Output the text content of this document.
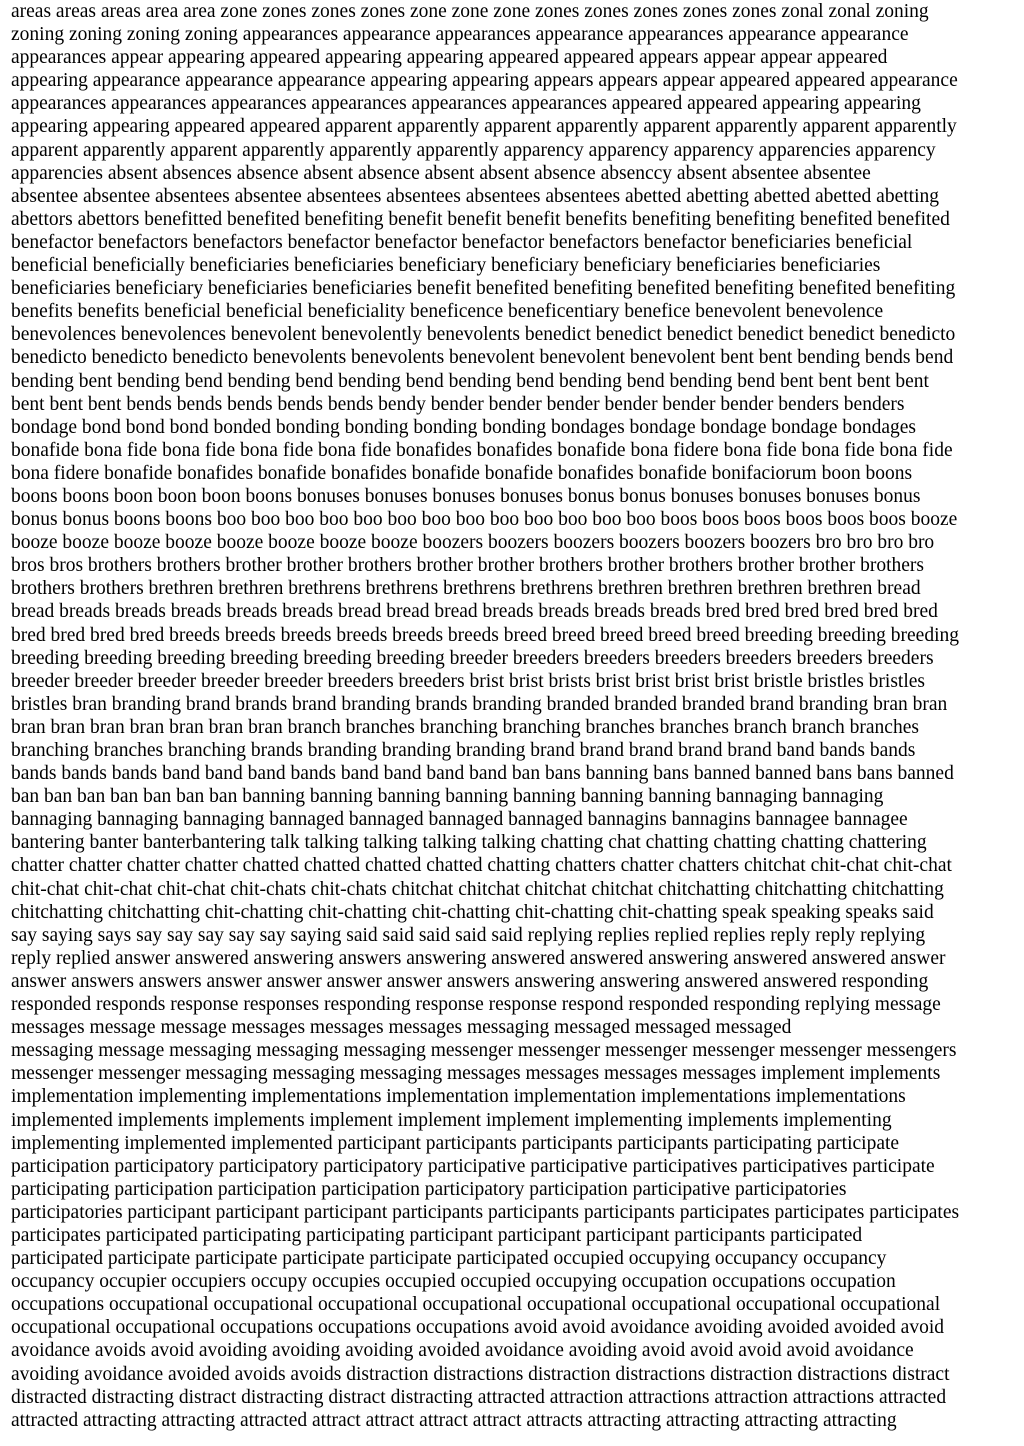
areas areas areas area area zone zones zones zones zone zone zone zones zones zones zones zones zonal zonal zoning

zoning zoning zoning zoning appearances appearance appearances appearance appearances appearance appearance

appearances appear appearing appeared appearing appearing appeared appeared appears appear appear appeared

appearing appearance appearance appearance appearing appearing appears appears appear appeared appeared appearance

appearances appearances appearances appearances appearances appearances appeared appeared appearing appearing

appearing appearing appeared appeared apparent apparently apparent apparently apparent apparently apparent apparently

apparent apparently apparent apparently apparently apparently apparency apparency apparency apparencies apparency

apparencies absent absences absence absent absence absent absent absence absenccy absent absentee absentee

absentee absentee absentees absentee absentees absentees absentees absentees abetted abetting abetted abetted abetting

abettors abettors benefitted benefited benefiting benefit benefit benefit benefits benefiting benefiting benefited benefited

benefactor benefactors benefactors benefactor benefactor benefactor benefactors benefactor beneficiaries beneficial

beneficial beneficially beneficiaries beneficiaries beneficiary beneficiary beneficiary beneficiaries beneficiaries

beneficiaries beneficiary beneficiaries beneficiaries benefit benefited benefiting benefited benefiting benefited benefiting

benefits benefits beneficial beneficial beneficiality beneficence beneficentiary benefice benevolent benevolence

benevolences benevolences benevolent benevolently benevolents benedict benedict benedict benedict benedict benedicto

benedicto benedicto benedicto benevolents benevolents benevolent benevolent benevolent bent bent bending bends bend

bending bent bending bend bending bend bending bend bending bend bending bend bending bend bent bent bent bent

bent bent bent bends bends bends bends bends bendy bender bender bender bender bender bender benders benders

bondage bond bond bond bonded bonding bonding bonding bonding bondages bondage bondage bondage bondages

bonafide bona fide bona fide bona fide bona fide bonafides bonafides bonafide bona fidere bona fide bona fide bona fide

bona fidere bonafide bonafides bonafide bonafides bonafide bonafide bonafides bonafide bonifaciorum boon boons

boons boons boon boon boon boons bonuses bonuses bonuses bonuses bonus bonus bonuses bonuses bonuses bonus

bonus bonus boons boons boo boo boo boo boo boo boo boo boo boo boo boo boo boos boos boos boos boos boos booze

booze booze booze booze booze booze booze booze boozers boozers boozers boozers boozers boozers bro bro bro bro

bros bros brothers brothers brother brother brothers brother brother brothers brother brothers brother brother brothers

brothers brothers brethren brethren brethrens brethrens brethrens brethrens brethren brethren brethren brethren bread

bread breads breads breads breads breads bread bread bread breads breads breads breads bred bred bred bred bred bred

bred bred bred bred breeds breeds breeds breeds breeds breeds breed breed breed breed breed breeding breeding breeding

breeding breeding breeding breeding breeding breeding breeder breeders breeders breeders breeders breeders breeders

breeder breeder breeder breeder breeder breeders breeders brist brist brists brist brist brist brist bristle bristles bristles

bristles bran branding brand brands brand branding brands branding branded branded branded brand branding bran bran

bran bran bran bran bran bran bran branch branches branching branching branches branches branch branch branches

branching branches branching brands branding branding branding brand brand brand brand brand band bands bands

bands bands bands band band band bands band band band band ban bans banning bans banned banned bans bans banned

ban ban ban ban ban ban ban banning banning banning banning banning banning banning bannaging bannaging

bannaging bannaging bannaging bannaged bannaged bannaged bannaged bannagins bannagins bannagee bannagee

bantering banter banterbantering talk talking talking talking talking chatting chat chatting chatting chatting chattering

chatter chatter chatter chatter chatted chatted chatted chatted chatting chatters chatter chatters chitchat chit-chat chit-chat

chit-chat chit-chat chit-chat chit-chats chit-chats chitchat chitchat chitchat chitchat chitchatting chitchatting chitchatting

chitchatting chitchatting chit-chatting chit-chatting chit-chatting chit-chatting chit-chatting speak speaking speaks said

say saying says say say say say say saying said said said said said replying replies replied replies reply reply replying

reply replied answer answered answering answers answering answered answered answering answered answered answer

answer answers answers answer answer answer answer answers answering answering answered answered responding

responded responds response responses responding response response respond responded responding replying message

messages message message messages messages messages messaging messaged messaged messaged

messaging message messaging messaging messaging messenger messenger messenger messenger messenger messengers

messenger messenger messaging messaging messaging messages messages messages messages implement implements

implementation implementing implementations implementation implementation implementations implementations

implemented implements implements implement implement implement implementing implements implementing

implementing implemented implemented participant participants participants participants participating participate

participation participatory participatory participatory participative participative participatives participatives participate

participating participation participation participation participatory participation participative participatories

participatories participant participant participant participants participants participants participates participates participates

participates participated participating participating participant participant participant participants participated

participated participate participate participate participate participated occupied occupying occupancy occupancy

occupancy occupier occupiers occupy occupies occupied occupied occupying occupation occupations occupation

occupations occupational occupational occupational occupational occupational occupational occupational occupational

occupational occupational occupations occupations occupations avoid avoid avoidance avoiding avoided avoided avoid

avoidance avoids avoid avoiding avoiding avoiding avoided avoidance avoiding avoid avoid avoid avoid avoidance

avoiding avoidance avoided avoids avoids distraction distractions distraction distractions distraction distractions distract

distracted distracting distract distracting distract distracting attracted attraction attractions attraction attractions attracted

attracted attracting attracting attracted attract attract attract attract attracts attracting attracting attracting attracting
